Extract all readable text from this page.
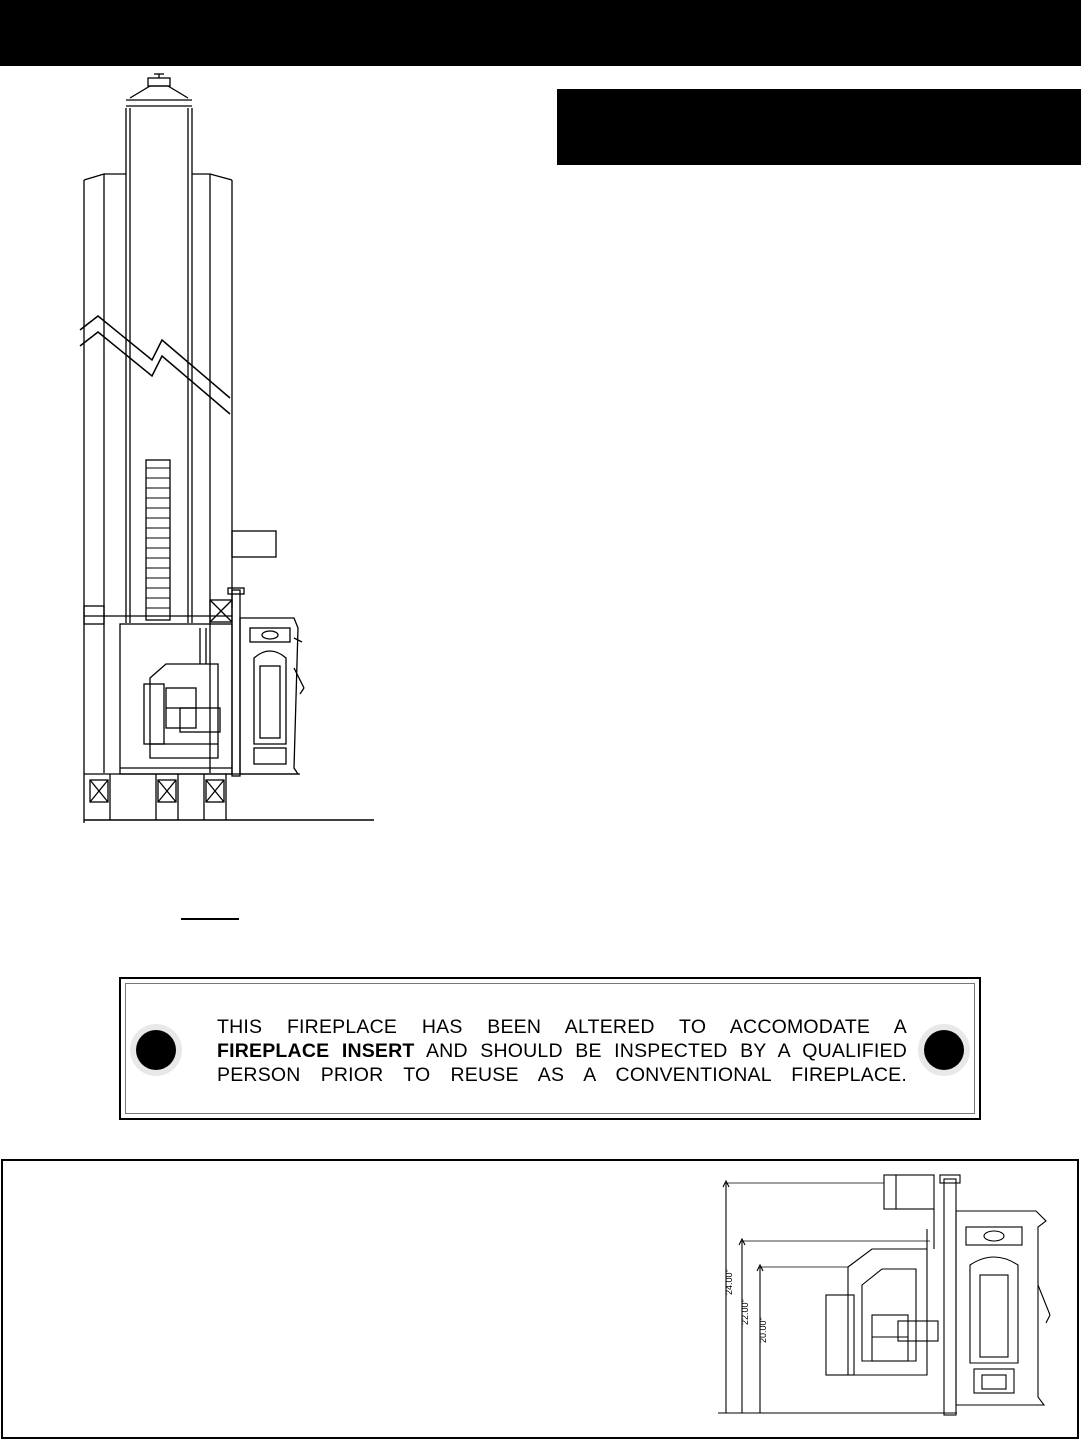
THIS FIREPLACE HAS BEEN ALTERED TO ACCOMODATE A
FIREPLACE INSERT AND SHOULD BE INSPECTED BY A QUALIFIED
PERSON PRIOR TO REUSE AS A CONVENTIONAL FIREPLACE.
24.00"
22.00"
20.00"
